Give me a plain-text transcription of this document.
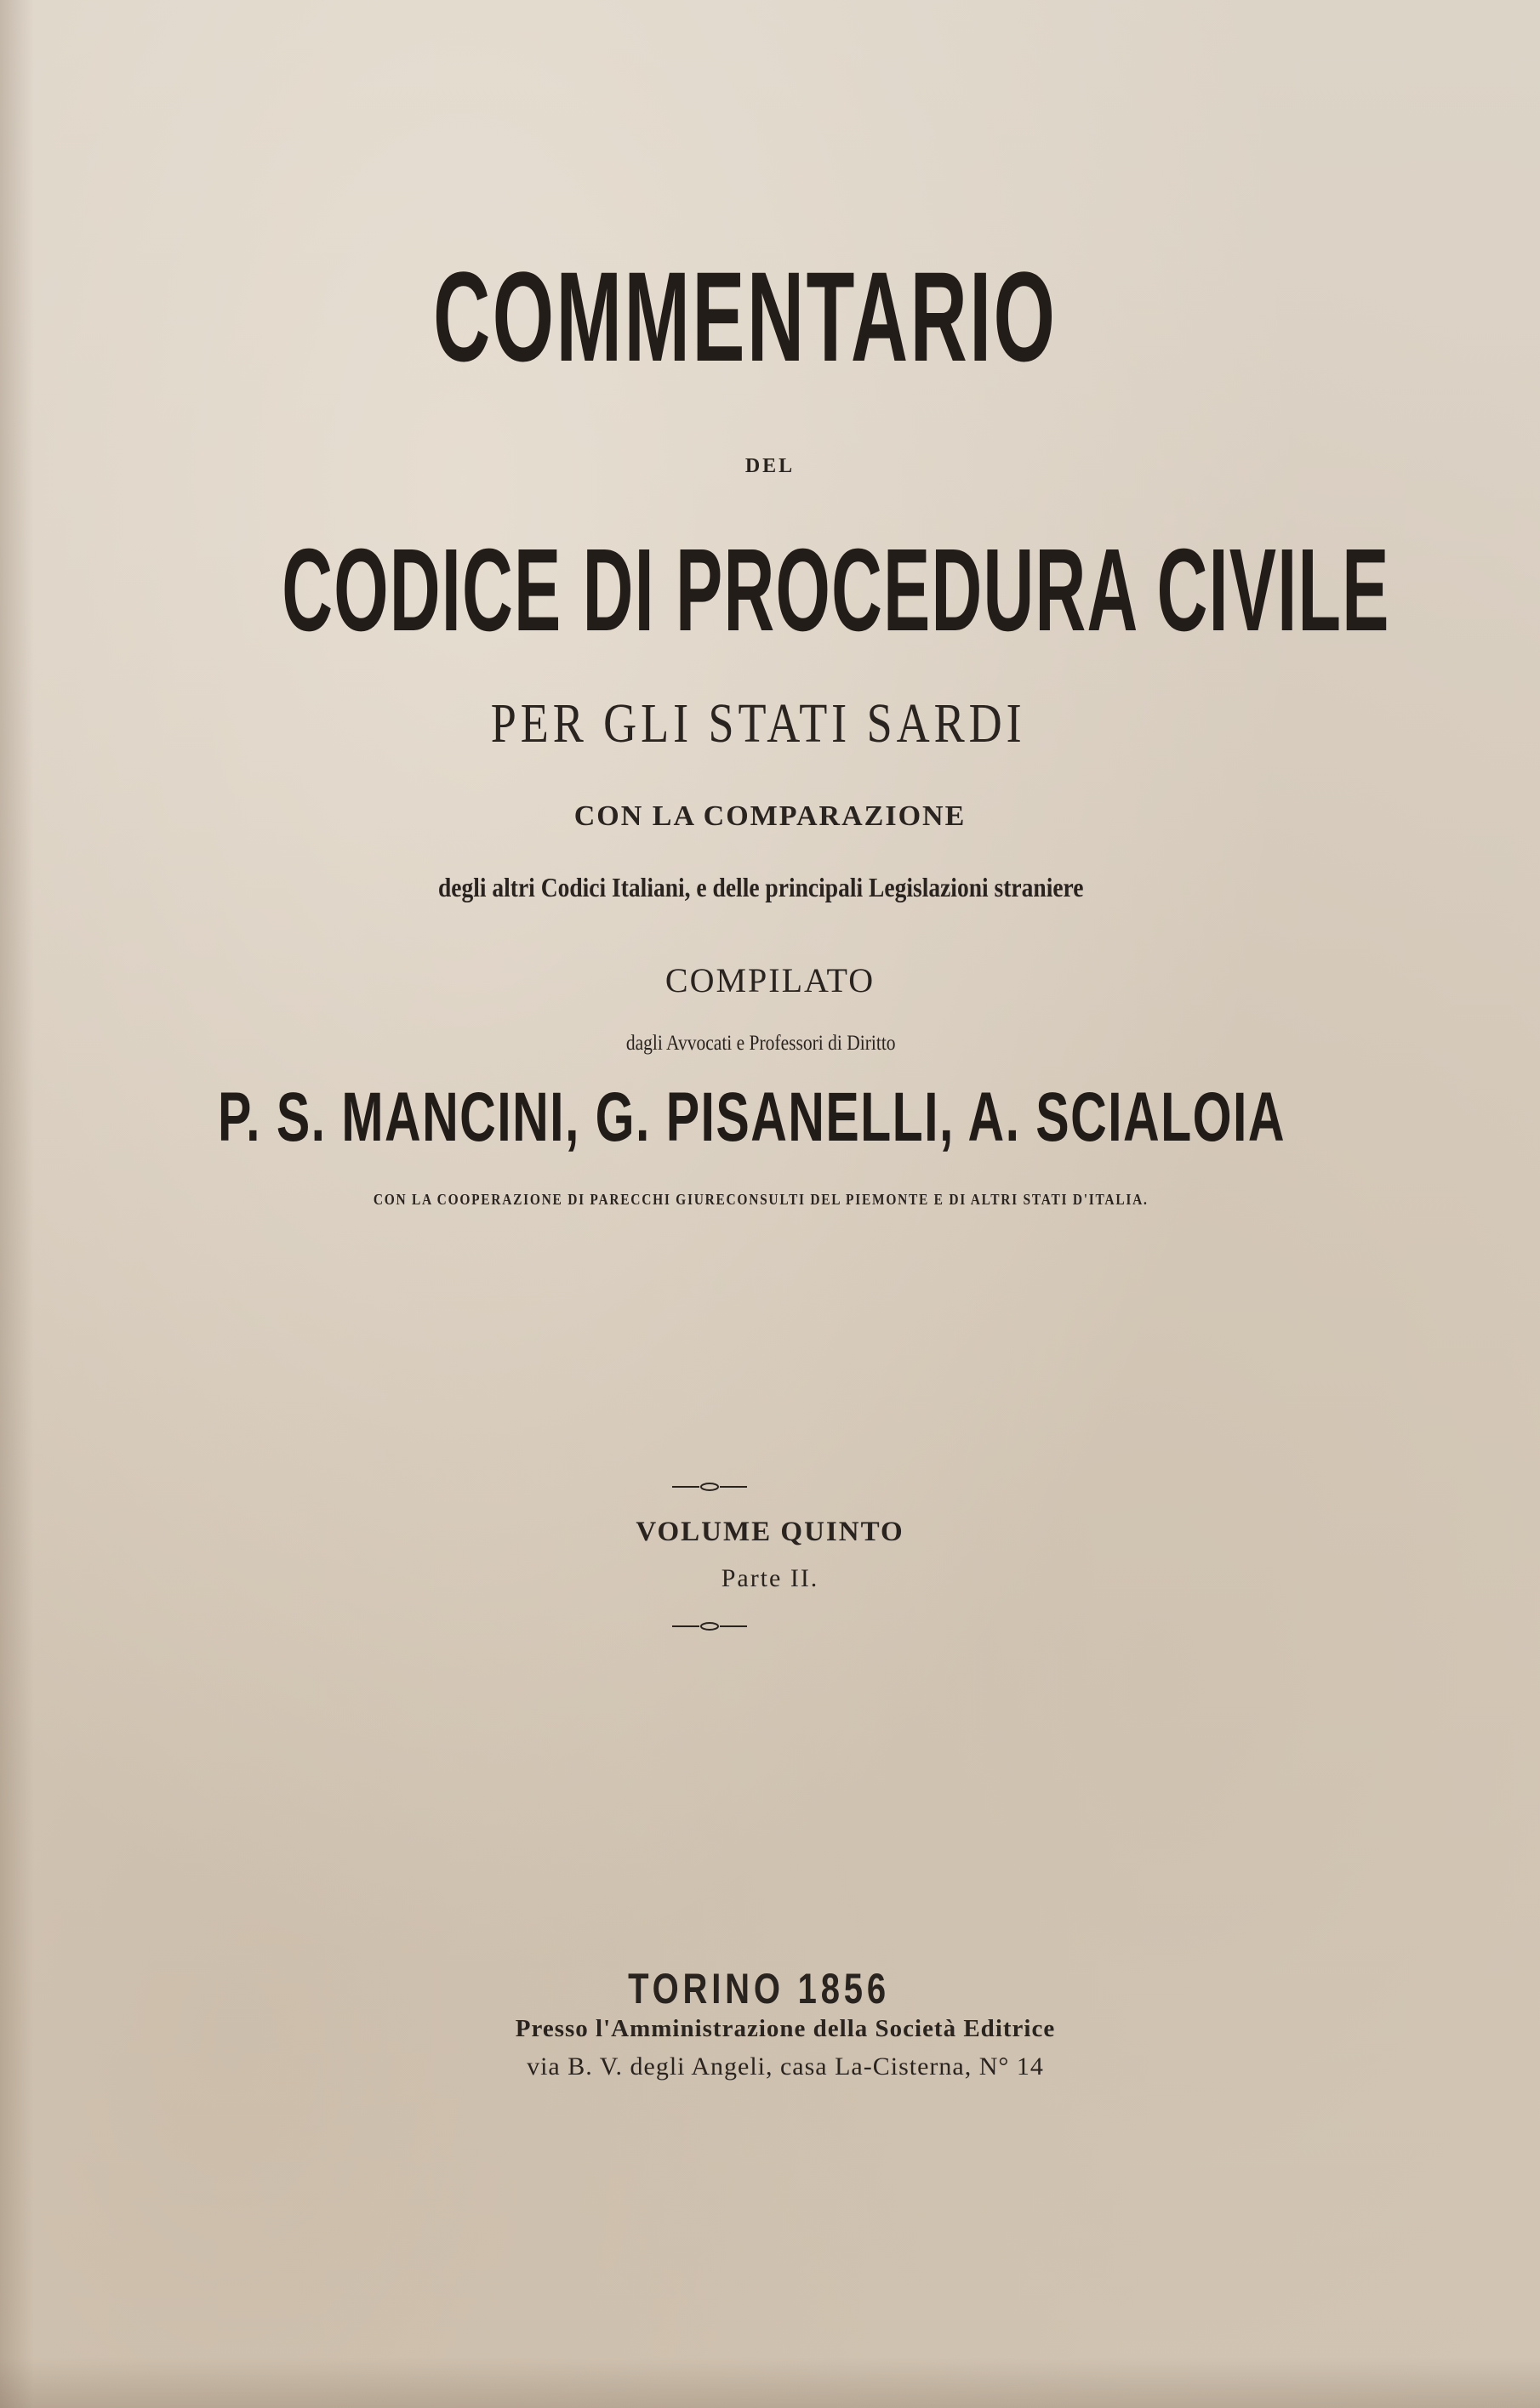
COMMENTARIO
DEL
CODICE DI PROCEDURA CIVILE
PER GLI STATI SARDI
CON LA COMPARAZIONE
degli altri Codici Italiani, e delle principali Legislazioni straniere
COMPILATO
dagli Avvocati e Professori di Diritto
P. S. MANCINI, G. PISANELLI, A. SCIALOIA
CON LA COOPERAZIONE DI PARECCHI GIURECONSULTI DEL PIEMONTE E DI ALTRI STATI D'ITALIA.
VOLUME QUINTO
Parte II.
TORINO 1856
Presso l'Amministrazione della Società Editrice
via B. V. degli Angeli, casa La-Cisterna, N° 14
